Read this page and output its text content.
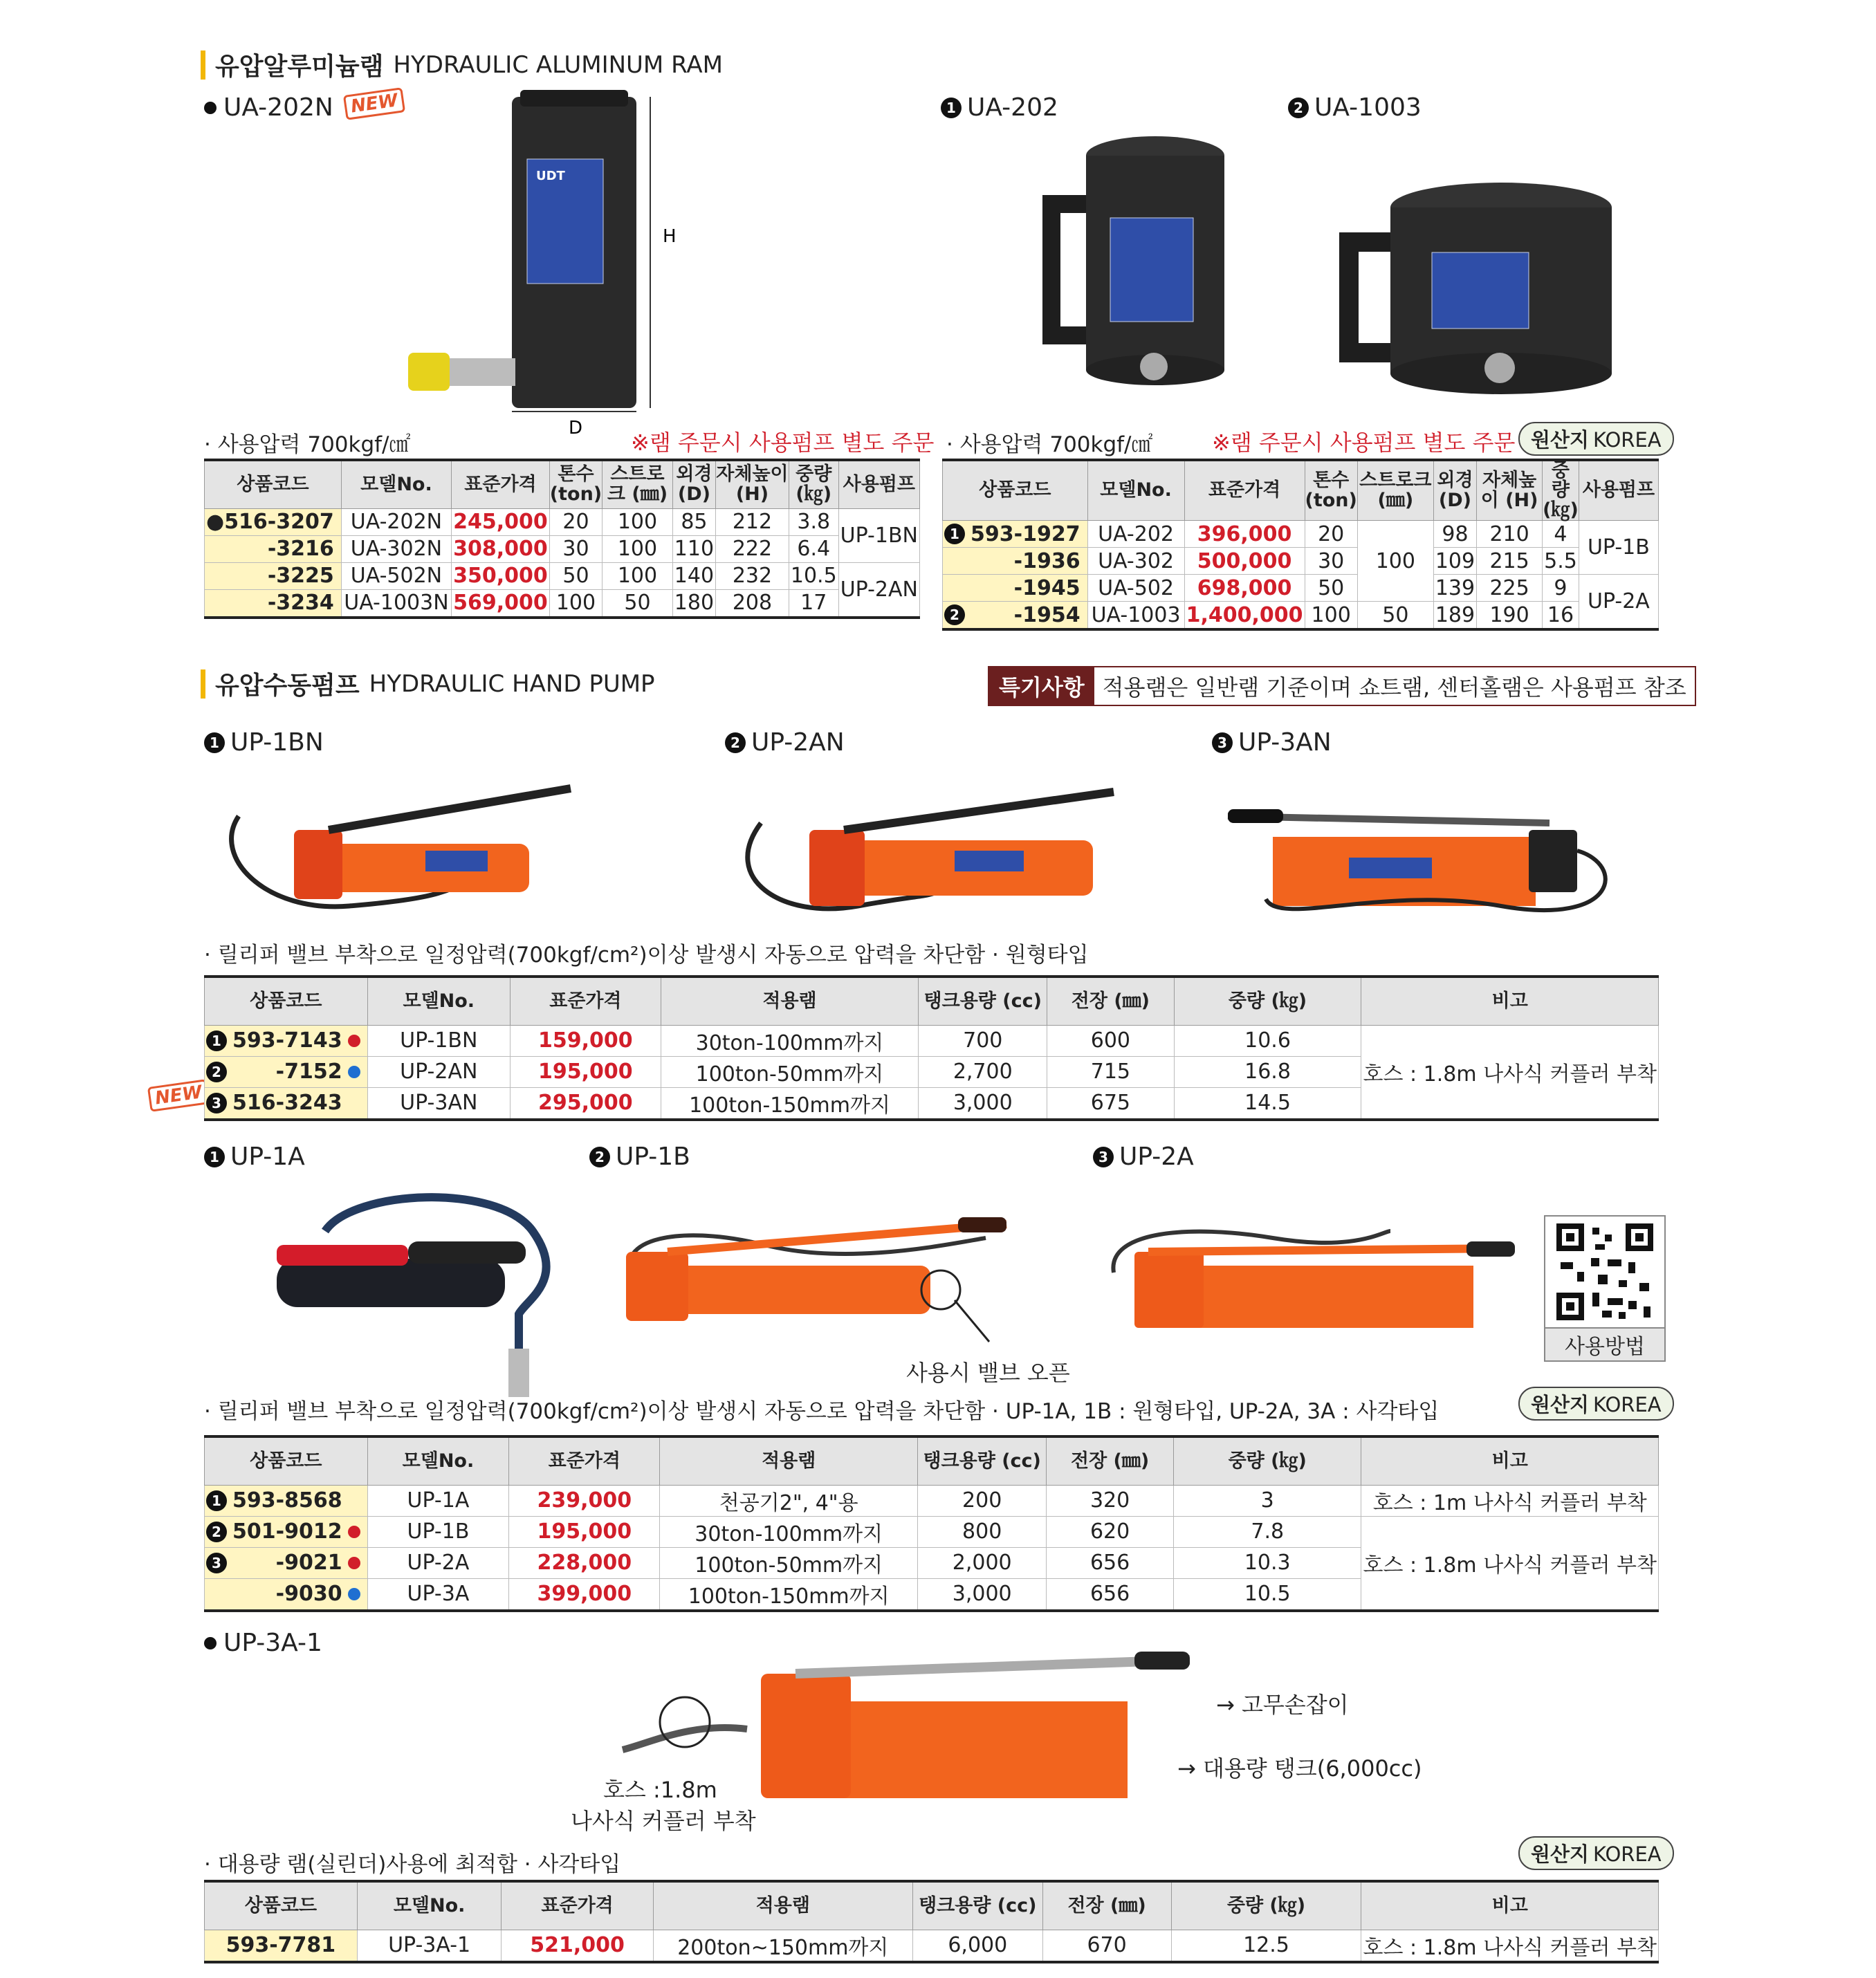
유압알루미늄램 HYDRAULIC ALUMINUM RAM
UA-202N NEW
UDT
H
D
1 UA-202	2 UA-1003
· 사용압력 700kgf/㎠	※램 주문시 사용펌프 별도 주문 · 사용압력 700kgf/㎠	※램 주문시 사용펌프 별도 주문 원산지 KOREA
상품코드	모델No.	표준가격	톤수 (ton)	스트로크 (㎜)	외경 (D)	자체높이 (H)	중량 (㎏)	사용펌프

● 516-3207	UA-202N	245,000	20	100	85	212	3.8	UP-1BN
-3216	UA-302N	308,000	30	100	110	222	6.4	
-3225	UA-502N	350,000	50	100	140	232	10.5	UP-2AN
-3234	UA-1003N	569,000	100	50	180	208	17	
상품코드	모델No.	표준가격	톤수 (ton)	스트로크 (㎜)	외경 (D)	자체높이 (H)	중량 (㎏)	사용펌프

1 593-1927	UA-202	396,000	20	100	98	210	4	UP-1B
-1936	UA-302	500,000	30		109	215	5.5	
-1945	UA-502	698,000	50		139	225	9	UP-2A

2 -1954	UA-1003	1,400,000	100	50	189	190	16	
유압수동펌프 HYDRAULIC HAND PUMP	특기사항 적용램은 일반램 기준이며 쇼트램, 센터홀램은 사용펌프 참조
1 UP-1BN	2 UP-2AN	3 UP-3AN
· 릴리퍼 밸브 부착으로 일정압력(700kgf/cm²)이상 발생시 자동으로 압력을 차단함 · 원형타입
NEW
상품코드	모델No.	표준가격	적용램	탱크용량 (cc)	전장 (㎜)	중량 (㎏)	비고

1 593-7143	UP-1BN	159,000	30ton-100mm까지	700	600	10.6	호스 : 1.8m 나사식 커플러 부착

2 -7152	UP-2AN	195,000	100ton-50mm까지	2,700	715	16.8	

3 516-3243	UP-3AN	295,000	100ton-150mm까지	3,000	675	14.5	
1 UP-1A	2 UP-1B	3 UP-2A
사용시 밸브 오픈
사용방법
· 릴리퍼 밸브 부착으로 일정압력(700kgf/cm²)이상 발생시 자동으로 압력을 차단함 · UP-1A, 1B : 원형타입, UP-2A, 3A : 사각타입	원산지 KOREA
상품코드	모델No.	표준가격	적용램	탱크용량 (cc)	전장 (㎜)	중량 (㎏)	비고

1 593-8568	UP-1A	239,000	천공기2", 4"용	200	320	3	호스 : 1m 나사식 커플러 부착

2 501-9012	UP-1B	195,000	30ton-100mm까지	800	620	7.8	호스 : 1.8m 나사식 커플러 부착

3 -9021	UP-2A	228,000	100ton-50mm까지	2,000	656	10.3	

-9030	UP-3A	399,000	100ton-150mm까지	3,000	656	10.5	
UP-3A-1
→ 고무손잡이
→ 대용량 탱크(6,000cc)
호스 :1.8m
나사식 커플러 부착
· 대용량 램(실린더)사용에 최적합 · 사각타입	원산지 KOREA
상품코드	모델No.	표준가격	적용램	탱크용량 (cc)	전장 (㎜)	중량 (㎏)	비고
593-7781	UP-3A-1	521,000	200ton~150mm까지	6,000	670	12.5	호스 : 1.8m 나사식 커플러 부착
